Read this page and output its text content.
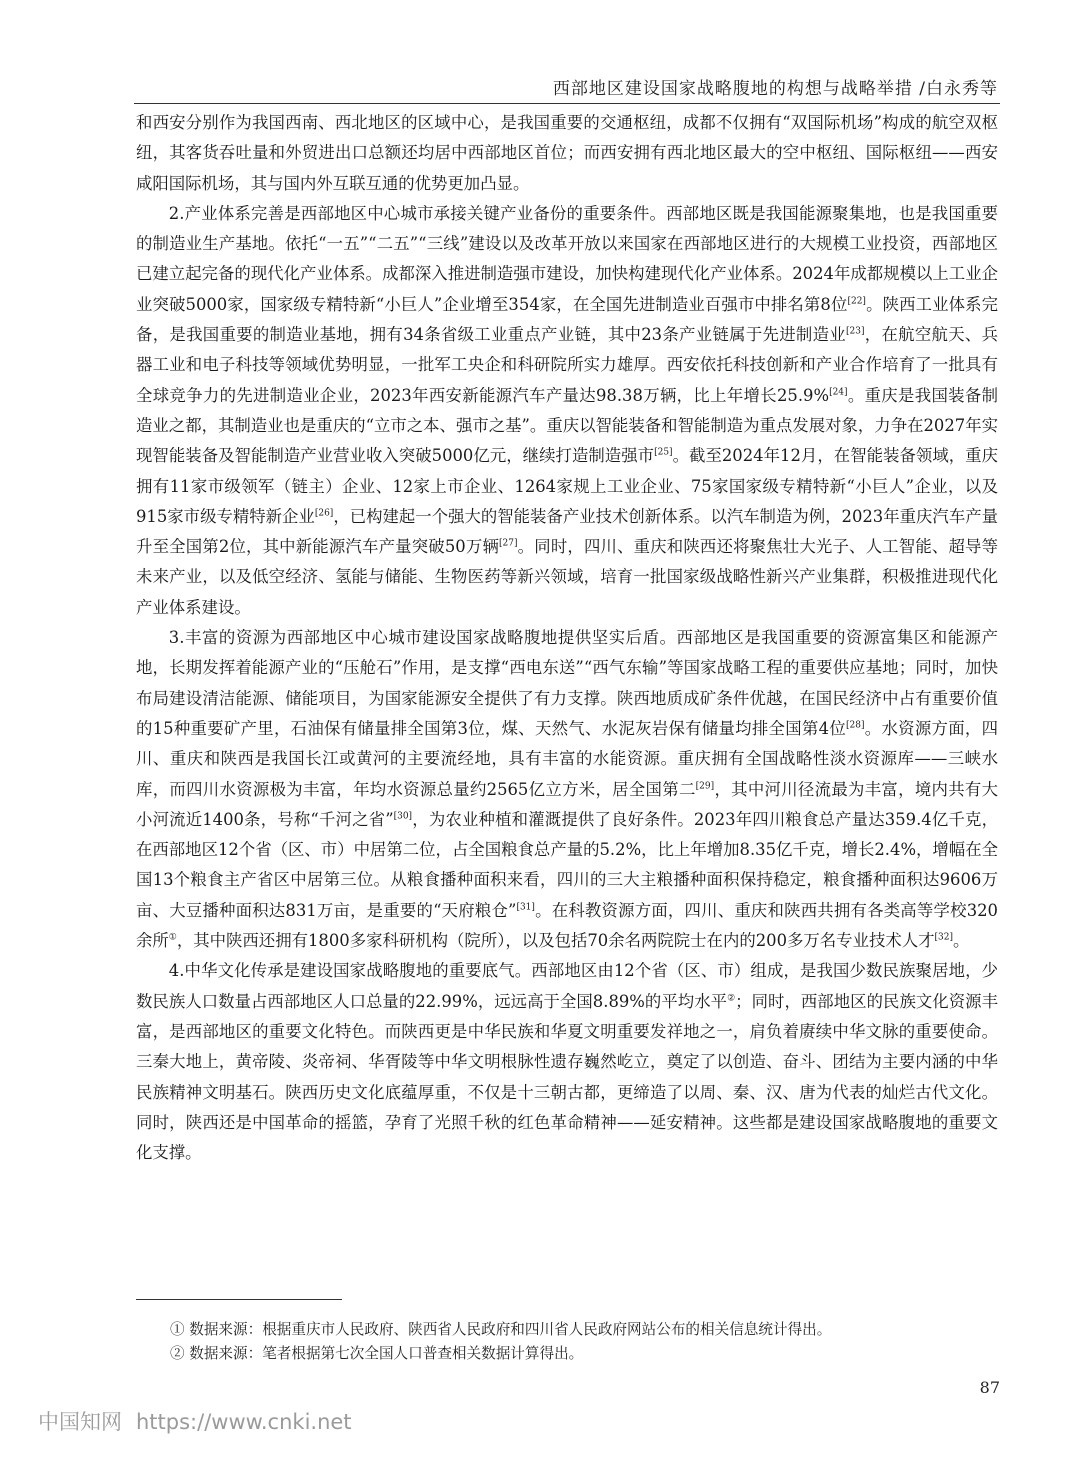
西部地区建设国家战略腹地的构想与战略举措 /白永秀等

和西安分别作为我国西南、西北地区的区域中心，是我国重要的交通枢纽，成都不仅拥有“双国际机场”构成的航空双枢纽，其客货吞吐量和外贸进出口总额还均居中西部地区首位；而西安拥有西北地区最大的空中枢纽、国际枢纽——西安咸阳国际机场，其与国内外互联互通的优势更加凸显。

2.产业体系完善是西部地区中心城市承接关键产业备份的重要条件。西部地区既是我国能源聚集地，也是我国重要的制造业生产基地。依托“一五”“二五”“三线”建设以及改革开放以来国家在西部地区进行的大规模工业投资，西部地区已建立起完备的现代化产业体系。成都深入推进制造强市建设，加快构建现代化产业体系。2024年成都规模以上工业企业突破5000家，国家级专精特新“小巨人”企业增至354家，在全国先进制造业百强市中排名第8位[22]。陕西工业体系完备，是我国重要的制造业基地，拥有34条省级工业重点产业链，其中23条产业链属于先进制造业[23]，在航空航天、兵器工业和电子科技等领域优势明显，一批军工央企和科研院所实力雄厚。西安依托科技创新和产业合作培育了一批具有全球竞争力的先进制造业企业，2023年西安新能源汽车产量达98.38万辆，比上年增长25.9%[24]。重庆是我国装备制造业之都，其制造业也是重庆的“立市之本、强市之基”。重庆以智能装备和智能制造为重点发展对象，力争在2027年实现智能装备及智能制造产业营业收入突破5000亿元，继续打造制造强市[25]。截至2024年12月，在智能装备领域，重庆拥有11家市级领军（链主）企业、12家上市企业、1264家规上工业企业、75家国家级专精特新“小巨人”企业，以及915家市级专精特新企业[26]，已构建起一个强大的智能装备产业技术创新体系。以汽车制造为例，2023年重庆汽车产量升至全国第2位，其中新能源汽车产量突破50万辆[27]。同时，四川、重庆和陕西还将聚焦壮大光子、人工智能、超导等未来产业，以及低空经济、氢能与储能、生物医药等新兴领域，培育一批国家级战略性新兴产业集群，积极推进现代化产业体系建设。

3.丰富的资源为西部地区中心城市建设国家战略腹地提供坚实后盾。西部地区是我国重要的资源富集区和能源产地，长期发挥着能源产业的“压舱石”作用，是支撑“西电东送”“西气东输”等国家战略工程的重要供应基地；同时，加快布局建设清洁能源、储能项目，为国家能源安全提供了有力支撑。陕西地质成矿条件优越，在国民经济中占有重要价值的15种重要矿产里，石油保有储量排全国第3位，煤、天然气、水泥灰岩保有储量均排全国第4位[28]。水资源方面，四川、重庆和陕西是我国长江或黄河的主要流经地，具有丰富的水能资源。重庆拥有全国战略性淡水资源库——三峡水库，而四川水资源极为丰富，年均水资源总量约2565亿立方米，居全国第二[29]，其中河川径流最为丰富，境内共有大小河流近1400条，号称“千河之省”[30]，为农业种植和灌溉提供了良好条件。2023年四川粮食总产量达359.4亿千克，在西部地区12个省（区、市）中居第二位，占全国粮食总产量的5.2%，比上年增加8.35亿千克，增长2.4%，增幅在全国13个粮食主产省区中居第三位。从粮食播种面积来看，四川的三大主粮播种面积保持稳定，粮食播种面积达9606万亩、大豆播种面积达831万亩，是重要的“天府粮仓”[31]。在科教资源方面，四川、重庆和陕西共拥有各类高等学校320余所①，其中陕西还拥有1800多家科研机构（院所），以及包括70余名两院院士在内的200多万名专业技术人才[32]。

4.中华文化传承是建设国家战略腹地的重要底气。西部地区由12个省（区、市）组成，是我国少数民族聚居地，少数民族人口数量占西部地区人口总量的22.99%，远远高于全国8.89%的平均水平②；同时，西部地区的民族文化资源丰富，是西部地区的重要文化特色。而陕西更是中华民族和华夏文明重要发祥地之一，肩负着赓续中华文脉的重要使命。三秦大地上，黄帝陵、炎帝祠、华胥陵等中华文明根脉性遗存巍然屹立，奠定了以创造、奋斗、团结为主要内涵的中华民族精神文明基石。陕西历史文化底蕴厚重，不仅是十三朝古都，更缔造了以周、秦、汉、唐为代表的灿烂古代文化。同时，陕西还是中国革命的摇篮，孕育了光照千秋的红色革命精神——延安精神。这些都是建设国家战略腹地的重要文化支撑。

① 数据来源：根据重庆市人民政府、陕西省人民政府和四川省人民政府网站公布的相关信息统计得出。
② 数据来源：笔者根据第七次全国人口普查相关数据计算得出。
87
中国知网 https://www.cnki.net
